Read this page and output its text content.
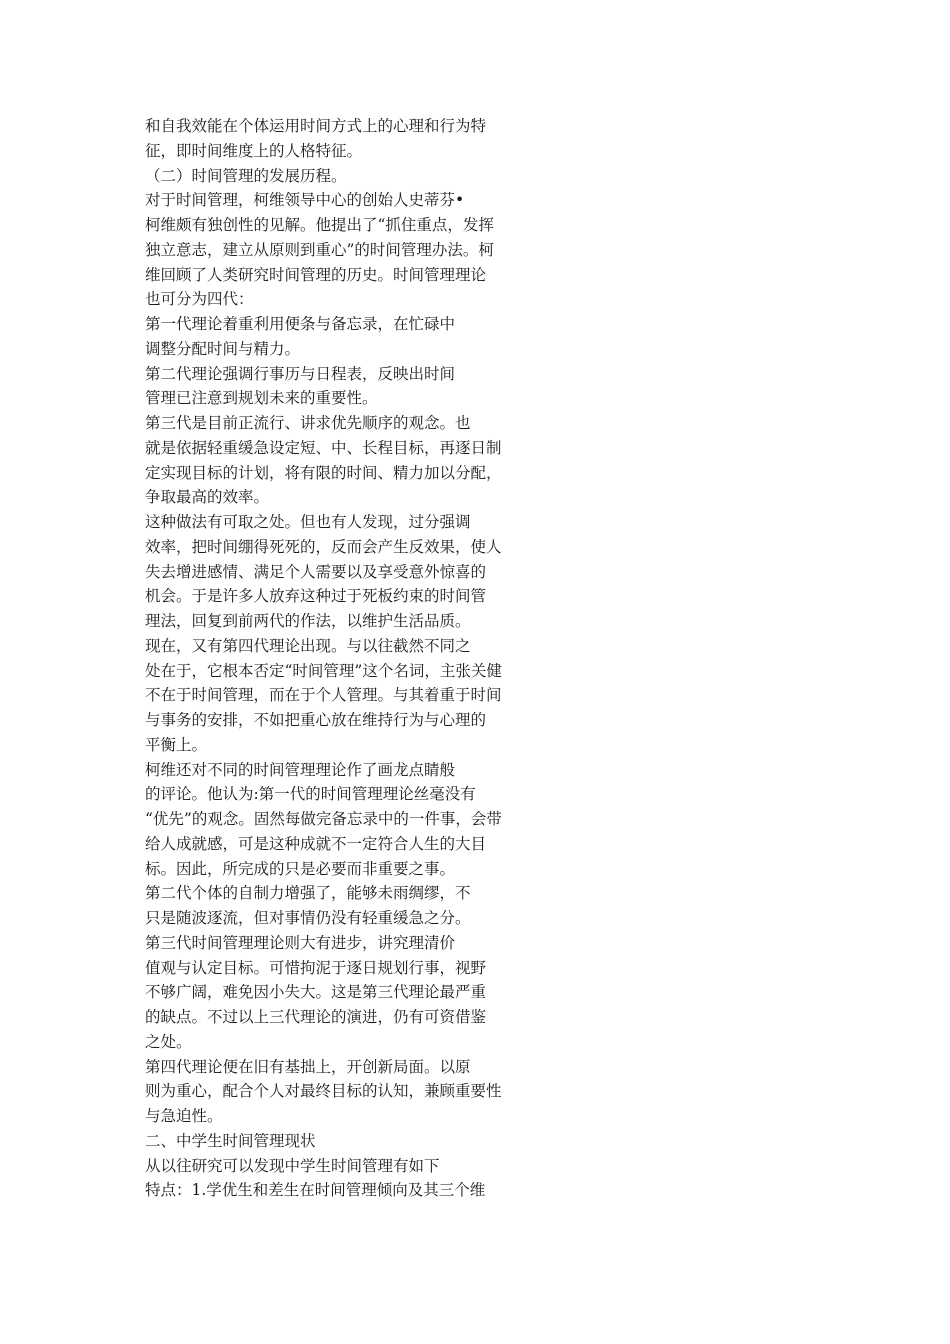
和自我效能在个体运用时间方式上的心理和行为特
征，即时间维度上的人格特征。
（二）时间管理的发展历程。
对于时间管理，柯维领导中心的创始人史蒂芬•
柯维颇有独创性的见解。他提出了“抓住重点，发挥
独立意志，建立从原则到重心”的时间管理办法。柯
维回顾了人类研究时间管理的历史。时间管理理论
也可分为四代：
第一代理论着重利用便条与备忘录，在忙碌中
调整分配时间与精力。
第二代理论强调行事历与日程表，反映出时间
管理已注意到规划未来的重要性。
第三代是目前正流行、讲求优先顺序的观念。也
就是依据轻重缓急设定短、中、长程目标，再逐日制
定实现目标的计划，将有限的时间、精力加以分配，
争取最高的效率。
这种做法有可取之处。但也有人发现，过分强调
效率，把时间绷得死死的，反而会产生反效果，使人
失去增进感情、满足个人需要以及享受意外惊喜的
机会。于是许多人放弃这种过于死板约束的时间管
理法，回复到前两代的作法，以维护生活品质。
现在，又有第四代理论出现。与以往截然不同之
处在于，它根本否定“时间管理”这个名词，主张关健
不在于时间管理，而在于个人管理。与其着重于时间
与事务的安排，不如把重心放在维持行为与心理的
平衡上。
柯维还对不同的时间管理理论作了画龙点睛般
的评论。他认为:第一代的时间管理理论丝毫没有
“优先”的观念。固然每做完备忘录中的一件事，会带
给人成就感，可是这种成就不一定符合人生的大目
标。因此，所完成的只是必要而非重要之事。
第二代个体的自制力增强了，能够未雨绸缪，不
只是随波逐流，但对事情仍没有轻重缓急之分。
第三代时间管理理论则大有进步，讲究理清价
值观与认定目标。可惜拘泥于逐日规划行事，视野
不够广阔，难免因小失大。这是第三代理论最严重
的缺点。不过以上三代理论的演进，仍有可资借鉴
之处。
第四代理论便在旧有基拙上，开创新局面。以原
则为重心，配合个人对最终目标的认知，兼顾重要性
与急迫性。
二、中学生时间管理现状
从以往研究可以发现中学生时间管理有如下
特点：1.学优生和差生在时间管理倾向及其三个维
